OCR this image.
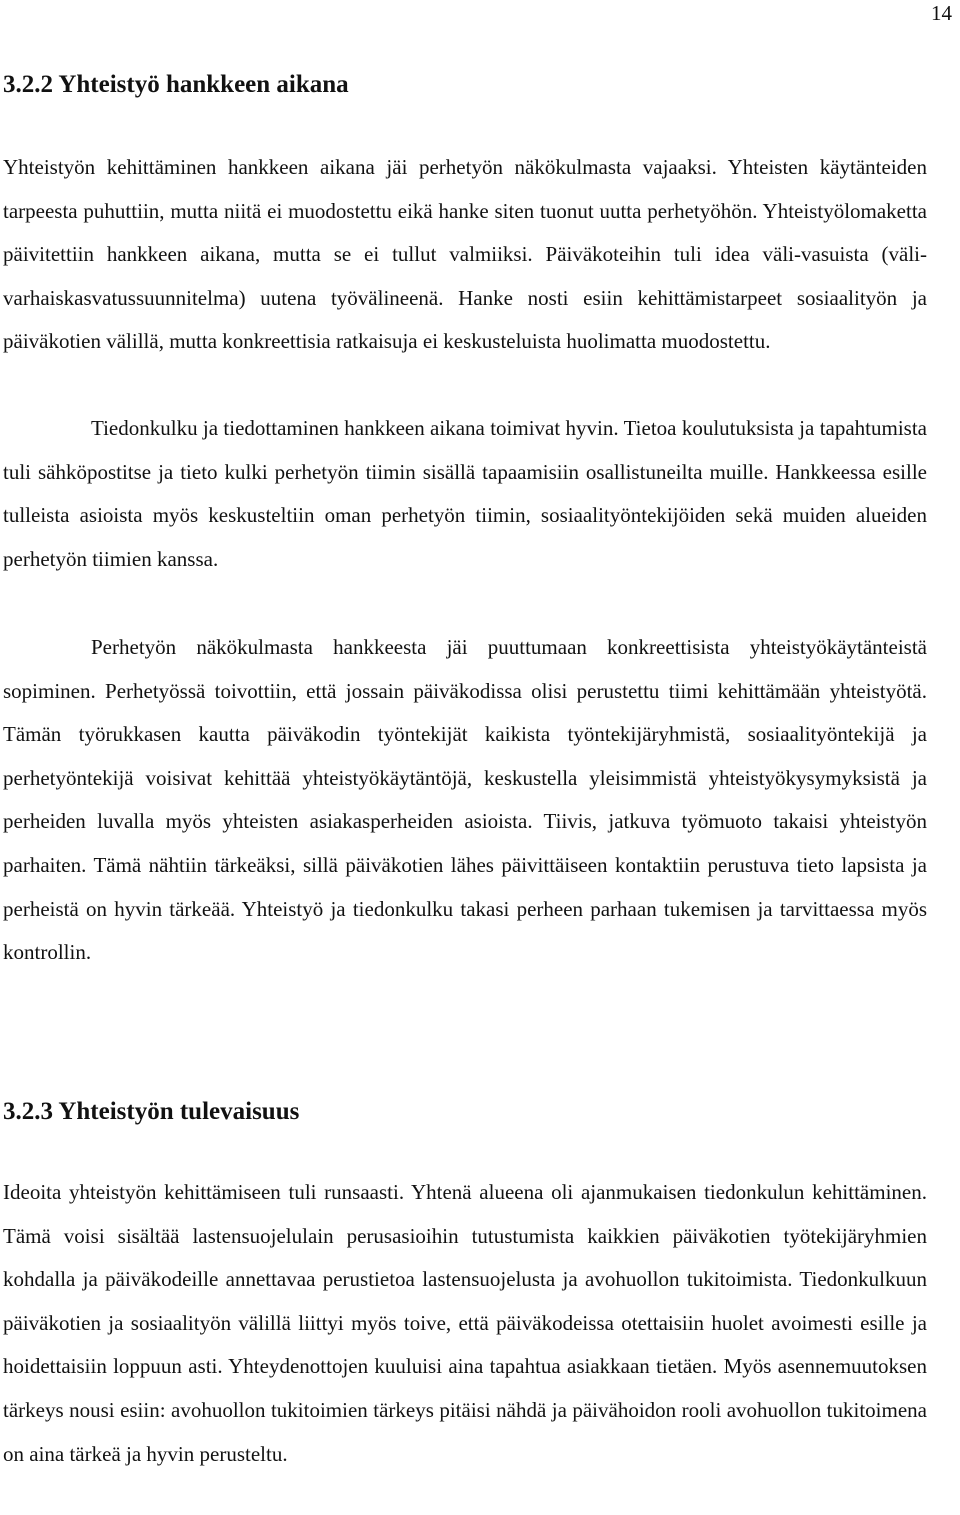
14
3.2.2 Yhteistyö hankkeen aikana

Yhteistyön kehittäminen hankkeen aikana jäi perhetyön näkökulmasta vajaaksi. Yhteisten käytänteiden tarpeesta puhuttiin, mutta niitä ei muodostettu eikä hanke siten tuonut uutta perhetyöhön. Yhteistyölomaketta päivitettiin hankkeen aikana, mutta se ei tullut valmiiksi. Päiväkoteihin tuli idea väli-vasuista (väli-varhaiskasvatussuunnitelma) uutena työvälineenä. Hanke nosti esiin kehittämistarpeet sosiaalityön ja päiväkotien välillä, mutta konkreettisia ratkaisuja ei keskusteluista huolimatta muodostettu.

Tiedonkulku ja tiedottaminen hankkeen aikana toimivat hyvin. Tietoa koulutuksista ja tapahtumista tuli sähköpostitse ja tieto kulki perhetyön tiimin sisällä tapaamisiin osallistuneilta muille. Hankkeessa esille tulleista asioista myös keskusteltiin oman perhetyön tiimin, sosiaalityöntekijöiden sekä muiden alueiden perhetyön tiimien kanssa.

Perhetyön näkökulmasta hankkeesta jäi puuttumaan konkreettisista yhteistyökäytänteistä sopiminen. Perhetyössä toivottiin, että jossain päiväkodissa olisi perustettu tiimi kehittämään yhteistyötä. Tämän työrukkasen kautta päiväkodin työntekijät kaikista työntekijäryhmistä, sosiaalityöntekijä ja perhetyöntekijä voisivat kehittää yhteistyökäytäntöjä, keskustella yleisimmistä yhteistyökysymyksistä ja perheiden luvalla myös yhteisten asiakasperheiden asioista. Tiivis, jatkuva työmuoto takaisi yhteistyön parhaiten. Tämä nähtiin tärkeäksi, sillä päiväkotien lähes päivittäiseen kontaktiin perustuva tieto lapsista ja perheistä on hyvin tärkeää. Yhteistyö ja tiedonkulku takasi perheen parhaan tukemisen ja tarvittaessa myös kontrollin.

3.2.3 Yhteistyön tulevaisuus

Ideoita yhteistyön kehittämiseen tuli runsaasti. Yhtenä alueena oli ajanmukaisen tiedonkulun kehittäminen. Tämä voisi sisältää lastensuojelulain perusasioihin tutustumista kaikkien päiväkotien työtekijäryhmien kohdalla ja päiväkodeille annettavaa perustietoa lastensuojelusta ja avohuollon tukitoimista. Tiedonkulkuun päiväkotien ja sosiaalityön välillä liittyi myös toive, että päiväkodeissa otettaisiin huolet avoimesti esille ja hoidettaisiin loppuun asti. Yhteydenottojen kuuluisi aina tapahtua asiakkaan tietäen. Myös asennemuutoksen tärkeys nousi esiin: avohuollon tukitoimien tärkeys pitäisi nähdä ja päivähoidon rooli avohuollon tukitoimena on aina tärkeä ja hyvin perusteltu.
